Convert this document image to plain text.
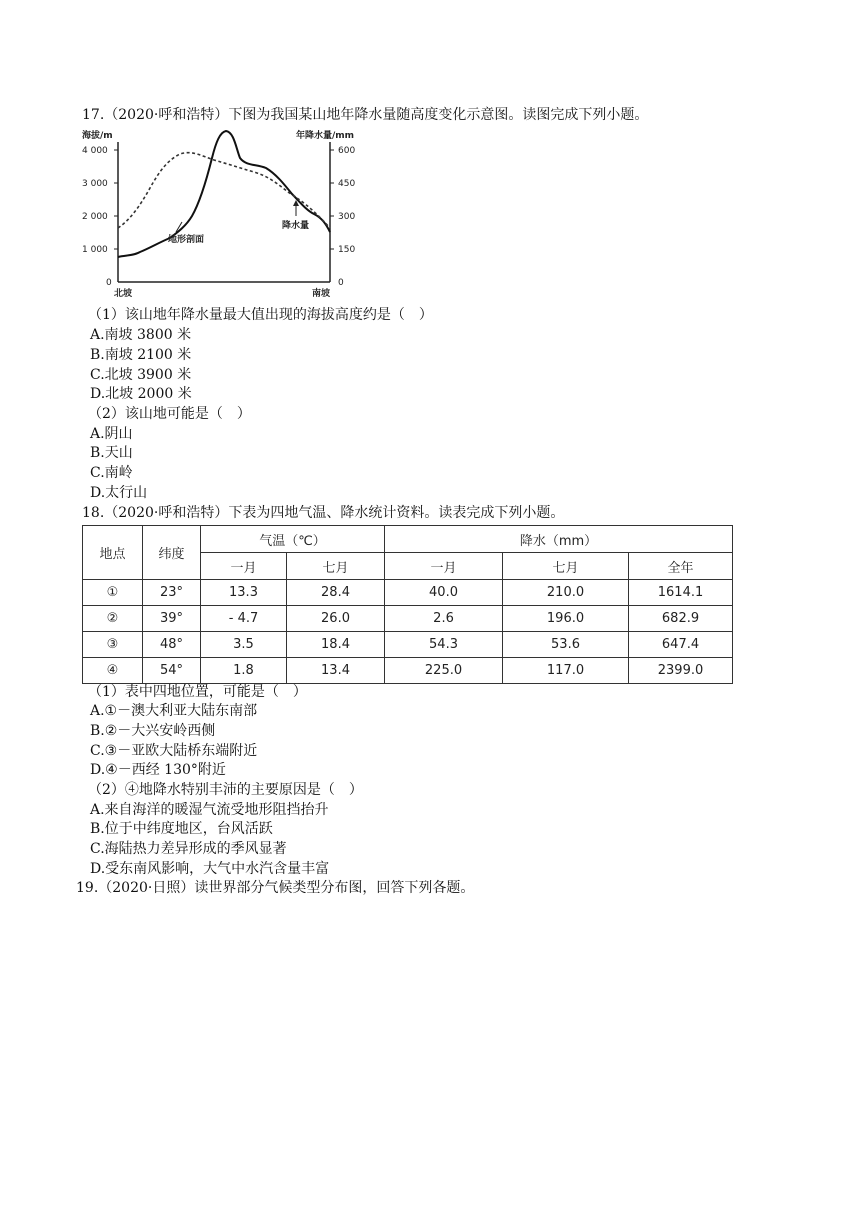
17.（2020·呼和浩特）下图为我国某山地年降水量随高度变化示意图。读图完成下列小题。
海拔/m	年降水量/mm
4 000
3 000
2 000
1 000
0
600
450
300
150
0
北坡	南坡
地形剖面
降水量
（1）该山地年降水量最大值出现的海拔高度约是（　）
A.南坡 3800 米
B.南坡 2100 米
C.北坡 3900 米
D.北坡 2000 米
（2）该山地可能是（　）
A.阴山
B.天山
C.南岭
D.太行山
18.（2020·呼和浩特）下表为四地气温、降水统计资料。读表完成下列小题。
地点	纬度	气温（℃）		降水（mm）		
		一月	七月	一月	七月	全年
①	23°	13.3	28.4	40.0	210.0	1614.1
②	39°	- 4.7	26.0	2.6	196.0	682.9
③	48°	3.5	18.4	54.3	53.6	647.4
④	54°	1.8	13.4	225.0	117.0	2399.0
（1）表中四地位置，可能是（　）
A.①－澳大利亚大陆东南部
B.②－大兴安岭西侧
C.③－亚欧大陆桥东端附近
D.④－西经 130°附近
（2）④地降水特别丰沛的主要原因是（　）
A.来自海洋的暖湿气流受地形阻挡抬升
B.位于中纬度地区，台风活跃
C.海陆热力差异形成的季风显著
D.受东南风影响，大气中水汽含量丰富
19.（2020·日照）读世界部分气候类型分布图，回答下列各题。
